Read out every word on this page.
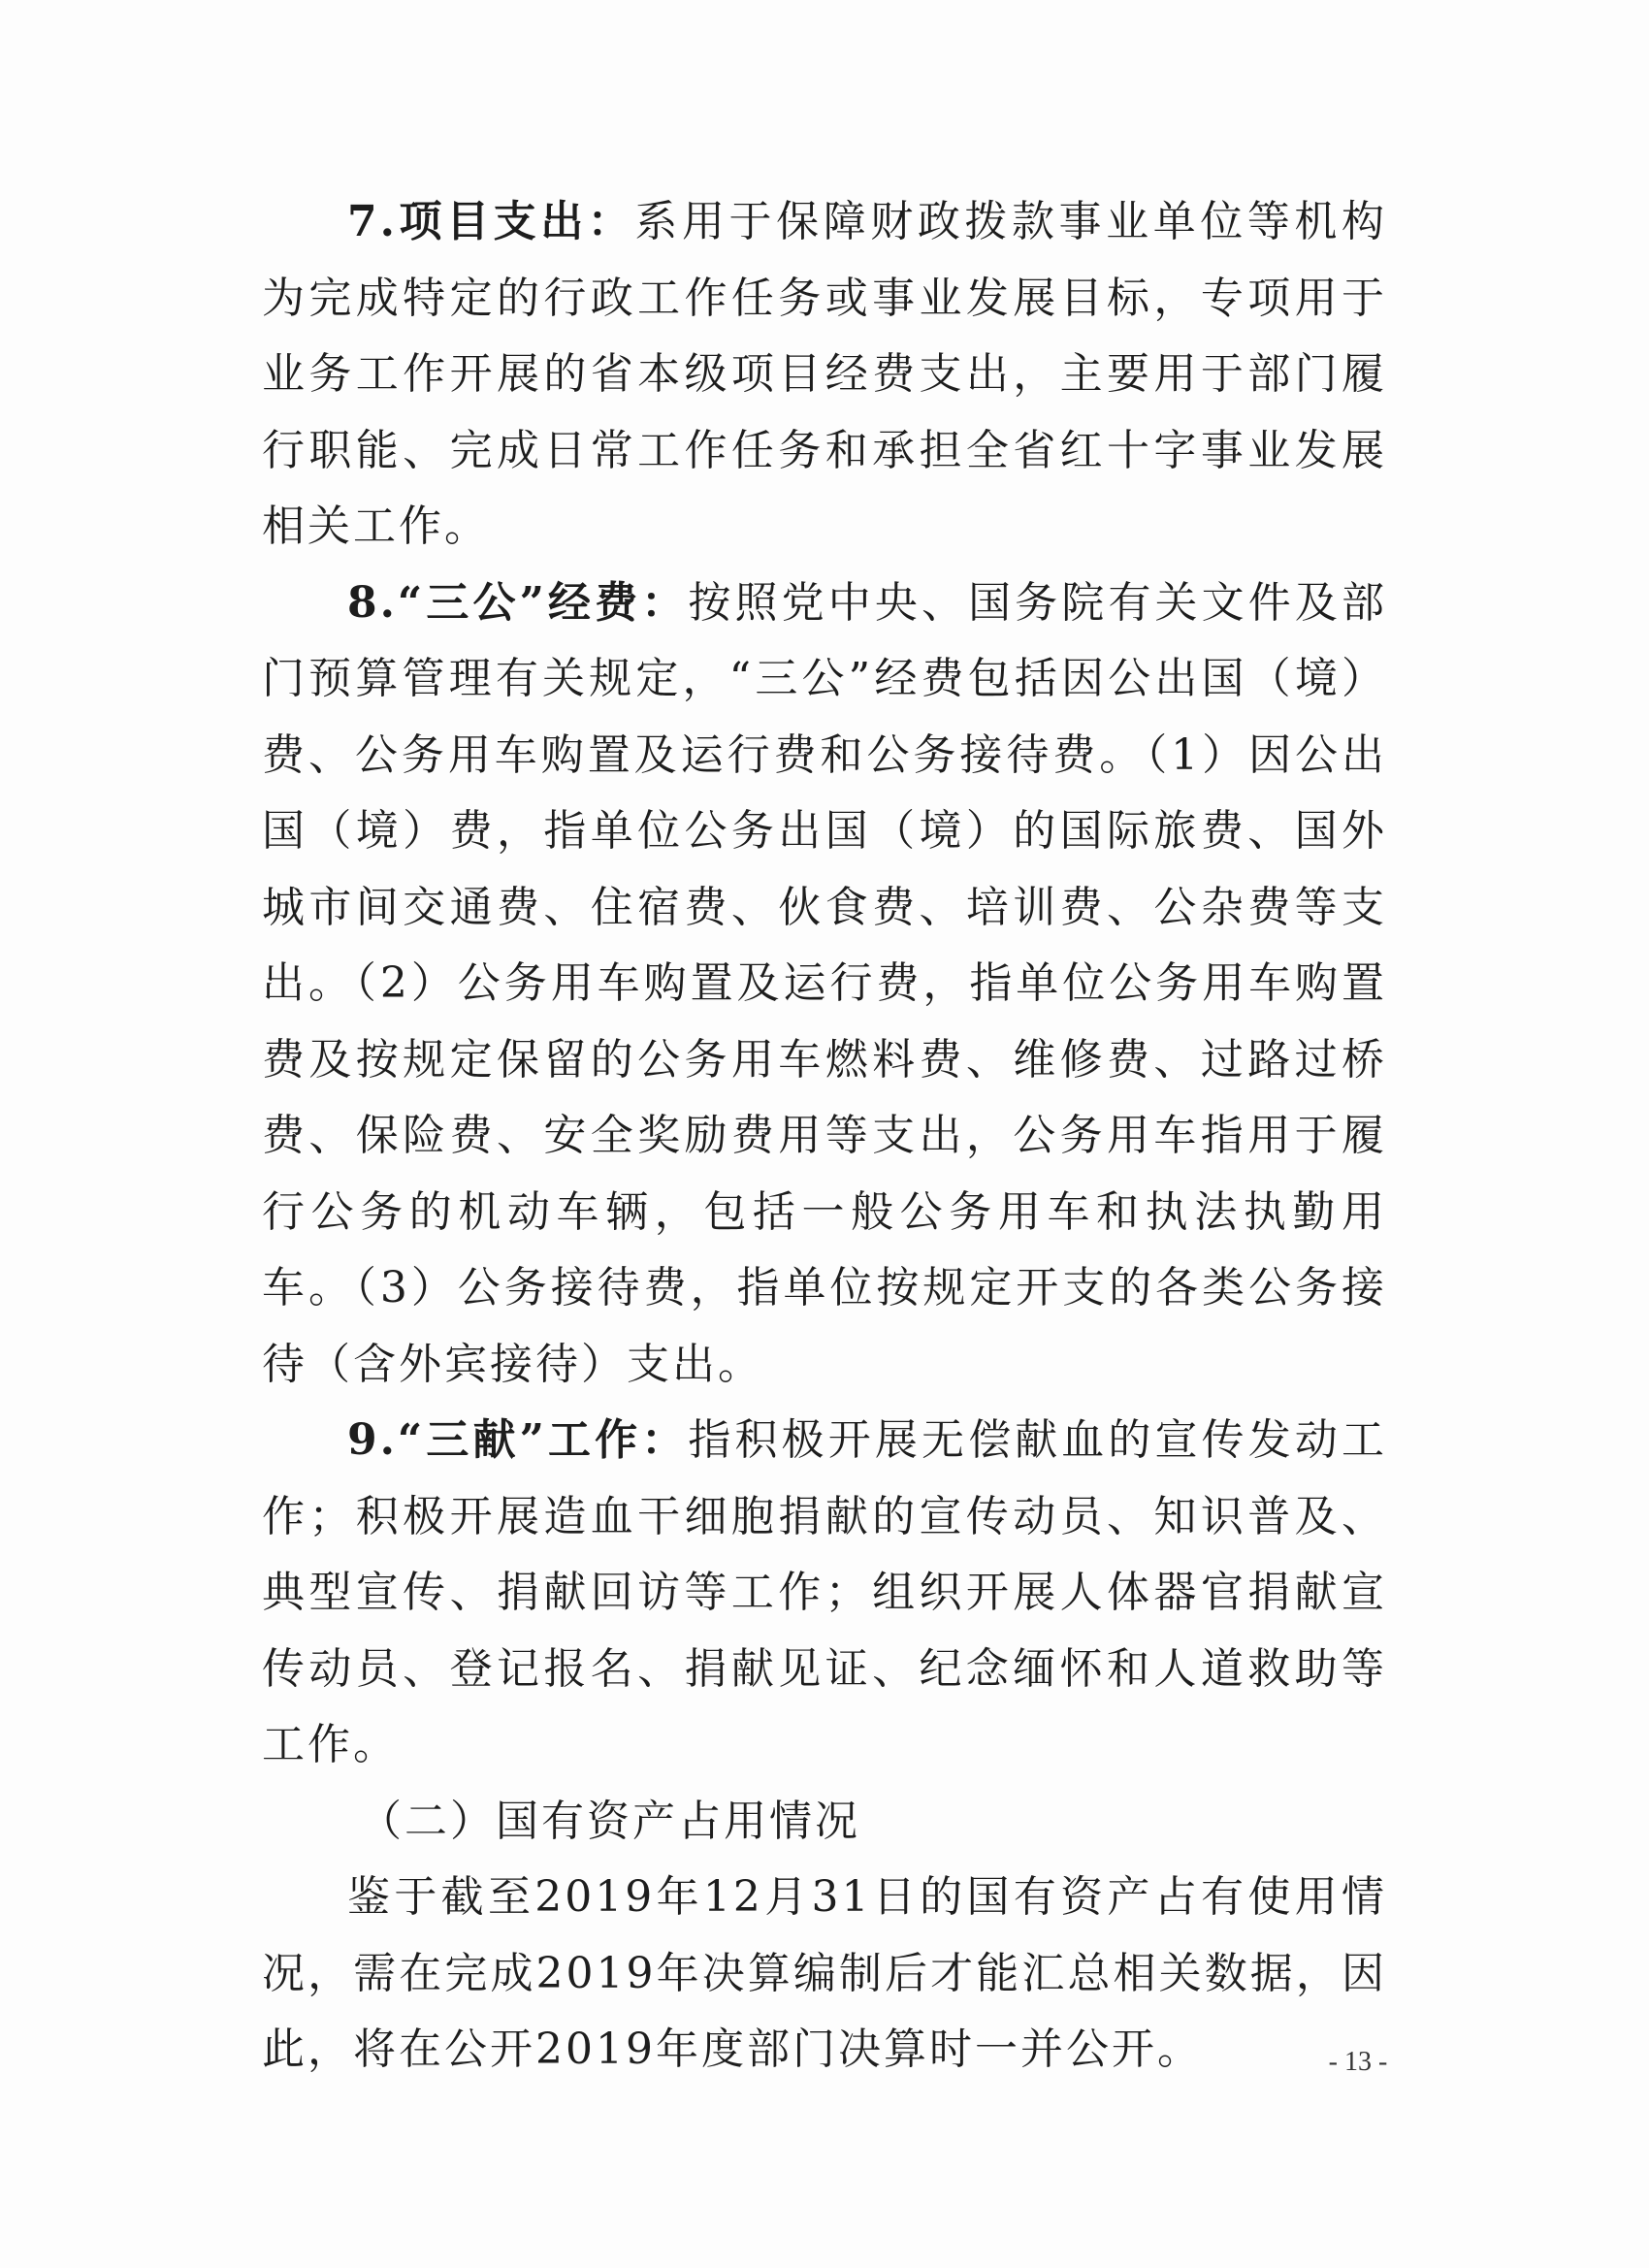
7.项目支出：系用于保障财政拨款事业单位等机构为完成特定的行政工作任务或事业发展目标，专项用于业务工作开展的省本级项目经费支出，主要用于部门履行职能、完成日常工作任务和承担全省红十字事业发展相关工作。

8.“三公”经费：按照党中央、国务院有关文件及部门预算管理有关规定，“三公”经费包括因公出国（境）费、公务用车购置及运行费和公务接待费。（1）因公出国（境）费，指单位公务出国（境）的国际旅费、国外城市间交通费、住宿费、伙食费、培训费、公杂费等支出。（2）公务用车购置及运行费，指单位公务用车购置费及按规定保留的公务用车燃料费、维修费、过路过桥费、保险费、安全奖励费用等支出，公务用车指用于履行公务的机动车辆，包括一般公务用车和执法执勤用车。（3）公务接待费，指单位按规定开支的各类公务接待（含外宾接待）支出。

9.“三献”工作：指积极开展无偿献血的宣传发动工作；积极开展造血干细胞捐献的宣传动员、知识普及、典型宣传、捐献回访等工作；组织开展人体器官捐献宣传动员、登记报名、捐献见证、纪念缅怀和人道救助等工作。

（二）国有资产占用情况

鉴于截至2019年12月31日的国有资产占有使用情况，需在完成2019年决算编制后才能汇总相关数据，因此，将在公开2019年度部门决算时一并公开。	- 13 -
